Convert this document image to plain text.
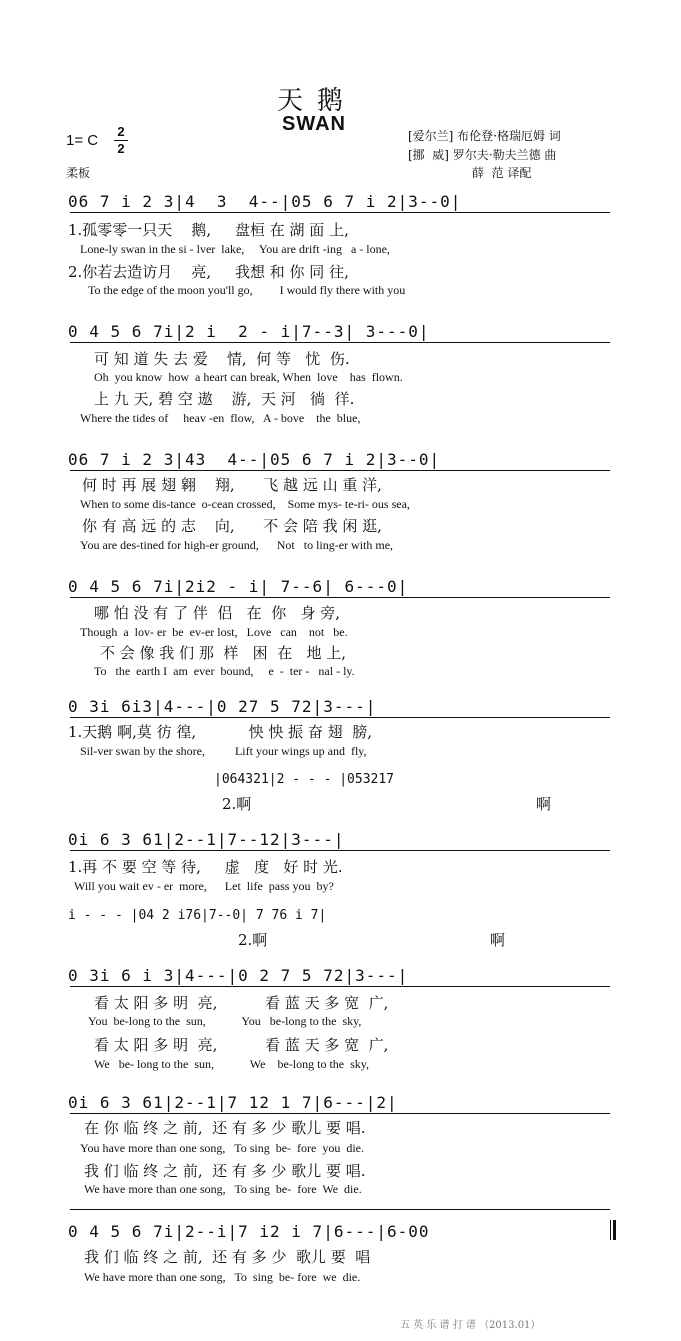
天鹅
SWAN
1= C
2
2
柔板
[爱尔兰] 布伦登·格瑞厄姆 词
[挪  威] 罗尔夫·勒夫兰德 曲
薛  范 译配
06 7 i 2 3|4  3  4--|05 6 7 i 2|3--0|
1.孤零零一只天    鹅,     盘桓 在 湖 面 上,
Lone-ly swan in the si - lver  lake,     You are drift -ing   a - lone,
2.你若去造访月    亮,     我想 和 你 同 往,
To the edge of the moon you'll go,         I would fly there with you
0 4 5 6 7i|2 i  2 - i|7--3| 3---0|
可 知 道 失 去 爱    情,  何 等   忧  伤.
Oh  you know  how  a heart can break, When  love    has  flown.
上 九 天, 碧 空 遨    游,  天 河   徜  徉.
Where the tides of     heav -en  flow,   A - bove    the  blue,
06 7 i 2 3|43  4--|05 6 7 i 2|3--0|
何 时 再 展 翅 翱    翔,      飞 越 远 山 重 洋,
When to some dis-tance  o-cean crossed,    Some mys- te-ri- ous sea,
你 有 高 远 的 志    向,      不 会 陪 我 闲 逛,
You are des-tined for high-er ground,      Not   to ling-er with me,
0 4 5 6 7i|2i2 - i| 7--6| 6---0|
哪 怕 没 有 了 伴  侣   在  你   身 旁,
Though  a  lov- er  be  ev-er lost,   Love   can    not   be.
不 会 像 我 们 那  样   困  在   地 上,
To   the  earth I  am  ever  bound,     e  -  ter -   nal - ly.
0 3i 6i3|4---|0 27 5 72|3---|
1.天鹅 啊,莫 彷 徨,           怏 怏 振 奋 翅  膀,
Sil-ver swan by the shore,          Lift your wings up and  fly,
|064321|2 - - - |053217
2.啊	啊
0i 6 3 61|2--1|7--12|3---|
1.再 不 要 空 等 待,     虚   度   好 时 光.
Will you wait ev - er  more,      Let  life  pass you  by?
i - - - |04 2 i76|7--0| 7 76 i 7|
2.啊	啊
0 3i 6 i 3|4---|0 2 7 5 72|3---|
看 太 阳 多 明  亮,          看 蓝 天 多 宽  广,
You  be-long to the  sun,            You   be-long to the  sky,
看 太 阳 多 明  亮,          看 蓝 天 多 宽  广,
We   be- long to the  sun,            We    be-long to the  sky,
0i 6 3 61|2--1|7 12 1 7|6---|2|
在 你 临 终 之 前,  还 有 多 少 歌儿 要 唱.
You have more than one song,   To sing  be-  fore  you  die.
我 们 临 终 之 前,  还 有 多 少 歌儿 要 唱.
We have more than one song,   To sing  be-  fore  We  die.
0 4 5 6 7i|2--i|7 i2 i 7|6---|6-00
我 们 临 终 之 前,  还 有 多 少  歌儿 要  唱
We have more than one song,   To  sing  be- fore  we  die.
五 英 乐 谱 打 谱 （2013.01）
